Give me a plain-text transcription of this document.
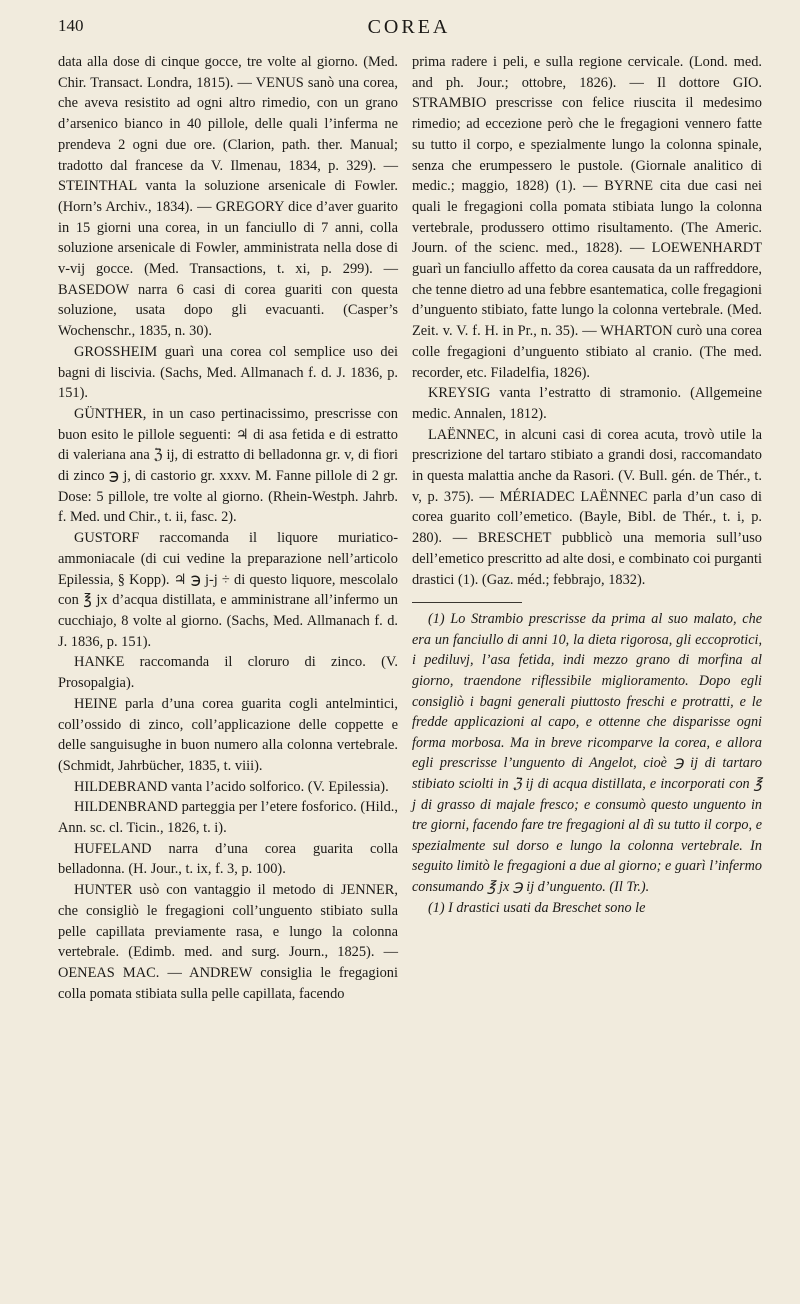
140	COREA

data alla dose di cinque gocce, tre volte al giorno. (Med. Chir. Transact. Londra, 1815). — VENUS sanò una corea, che aveva resistito ad ogni altro rimedio, con un grano d’arsenico bianco in 40 pillole, delle quali l’inferma ne prendeva 2 ogni due ore. (Clarion, path. ther. Manual; tradotto dal francese da V. Ilmenau, 1834, p. 329). — STEINTHAL vanta la soluzione arsenicale di Fowler. (Horn’s Archiv., 1834). — GREGORY dice d’aver guarito in 15 giorni una corea, in un fanciullo di 7 anni, colla soluzione arsenicale di Fowler, amministrata nella dose di v-vij gocce. (Med. Transactions, t. xi, p. 299). — BASEDOW narra 6 casi di corea guariti con questa soluzione, usata dopo gli evacuanti. (Casper’s Wochenschr., 1835, n. 30).

GROSSHEIM guarì una corea col semplice uso dei bagni di liscivia. (Sachs, Med. Allmanach f. d. J. 1836, p. 151).

GÜNTHER, in un caso pertinacissimo, prescrisse con buon esito le pillole seguenti: ♃ di asa fetida e di estratto di valeriana ana ℨ ij, di estratto di belladonna gr. v, di fiori di zinco ℈ j, di castorio gr. xxxv. M. Fanne pillole di 2 gr. Dose: 5 pillole, tre volte al giorno. (Rhein-Westph. Jahrb. f. Med. und Chir., t. ii, fasc. 2).

GUSTORF raccomanda il liquore muriatico-ammoniacale (di cui vedine la preparazione nell’articolo Epilessia, § Kopp). ♃ ℈ j-j ÷ di questo liquore, mescolalo con ℥ jx d’acqua distillata, e amministrane all’infermo un cucchiajo, 8 volte al giorno. (Sachs, Med. Allmanach f. d. J. 1836, p. 151).

HANKE raccomanda il cloruro di zinco. (V. Prosopalgia).

HEINE parla d’una corea guarita cogli antelmintici, coll’ossido di zinco, coll’applicazione delle coppette e delle sanguisughe in buon numero alla colonna vertebrale. (Schmidt, Jahrbücher, 1835, t. viii).

HILDEBRAND vanta l’acido solforico. (V. Epilessia).

HILDENBRAND parteggia per l’etere fosforico. (Hild., Ann. sc. cl. Ticin., 1826, t. i).

HUFELAND narra d’una corea guarita colla belladonna. (H. Jour., t. ix, f. 3, p. 100).

HUNTER usò con vantaggio il metodo di JENNER, che consigliò le fregagioni coll’unguento stibiato sulla pelle capillata previamente rasa, e lungo la colonna vertebrale. (Edimb. med. and surg. Journ., 1825). — OENEAS MAC. — ANDREW consiglia le fregagioni colla pomata stibiata sulla pelle capillata, facendo

prima radere i peli, e sulla regione cervicale. (Lond. med. and ph. Jour.; ottobre, 1826). — Il dottore GIO. STRAMBIO prescrisse con felice riuscita il medesimo rimedio; ad eccezione però che le fregagioni vennero fatte su tutto il corpo, e spezialmente lungo la colonna spinale, senza che erumpessero le pustole. (Giornale analitico di medic.; maggio, 1828) (1). — BYRNE cita due casi nei quali le fregagioni colla pomata stibiata lungo la colonna vertebrale, produssero ottimo risultamento. (The Americ. Journ. of the scienc. med., 1828). — LOEWENHARDT guarì un fanciullo affetto da corea causata da un raffreddore, che tenne dietro ad una febbre esantematica, colle fregagioni d’unguento stibiato, fatte lungo la colonna vertebrale. (Med. Zeit. v. V. f. H. in Pr., n. 35). — WHARTON curò una corea colle fregagioni d’unguento stibiato al cranio. (The med. recorder, etc. Filadelfia, 1826).

KREYSIG vanta l’estratto di stramonio. (Allgemeine medic. Annalen, 1812).

LAËNNEC, in alcuni casi di corea acuta, trovò utile la prescrizione del tartaro stibiato a grandi dosi, raccomandato in questa malattia anche da Rasori. (V. Bull. gén. de Thér., t. v, p. 375). — MÉRIADEC LAËNNEC parla d’un caso di corea guarito coll’emetico. (Bayle, Bibl. de Thér., t. i, p. 280). — BRESCHET pubblicò una memoria sull’uso dell’emetico prescritto ad alte dosi, e combinato coi purganti drastici (1). (Gaz. méd.; febbrajo, 1832).

(1) Lo Strambio prescrisse da prima al suo malato, che era un fanciullo di anni 10, la dieta rigorosa, gli eccoprotici, i pediluvj, l’asa fetida, indi mezzo grano di morfina al giorno, traendone riflessibile miglioramento. Dopo egli consigliò i bagni generali piuttosto freschi e protratti, e le fredde applicazioni al capo, e ottenne che disparisse ogni forma morbosa. Ma in breve ricomparve la corea, e allora egli prescrisse l’unguento di Angelot, cioè ℈ ij di tartaro stibiato sciolti in ℨ ij di acqua distillata, e incorporati con ℥ j di grasso di majale fresco; e consumò questo unguento in tre giorni, facendo fare tre fregagioni al dì su tutto il corpo, e spezialmente sul dorso e lungo la colonna vertebrale. In seguito limitò le fregagioni a due al giorno; e guarì l’infermo consumando ℥ jx ℈ ij d’unguento. (Il Tr.).

(1) I drastici usati da Breschet sono le
